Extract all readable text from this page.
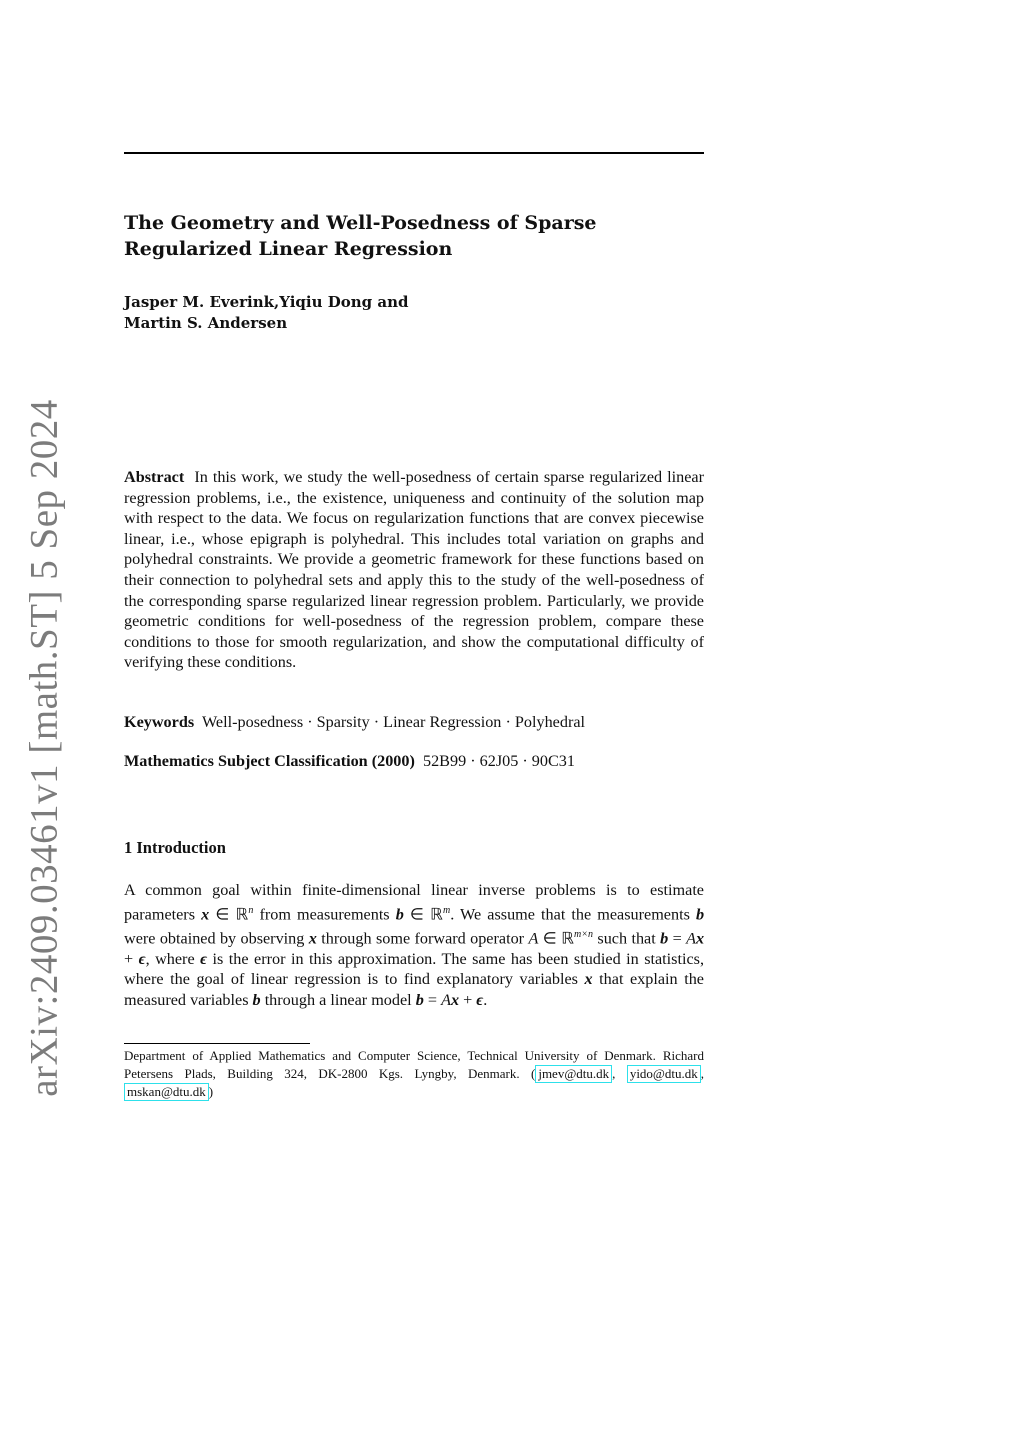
The Geometry and Well-Posedness of Sparse Regularized Linear Regression
Jasper M. Everink,Yiqiu Dong and
Martin S. Andersen
arXiv:2409.03461v1 [math.ST] 5 Sep 2024	Abstract In this work, we study the well-posedness of certain sparse regularized linear regression problems, i.e., the existence, uniqueness and continuity of the solution map with respect to the data. We focus on regularization functions that are convex piecewise linear, i.e., whose epigraph is polyhedral. This includes total variation on graphs and polyhedral constraints. We provide a geometric framework for these functions based on their connection to polyhedral sets and apply this to the study of the well-posedness of the corresponding sparse regularized linear regression problem. Particularly, we provide geometric conditions for well-posedness of the regression problem, compare these conditions to those for smooth regularization, and show the computational difficulty of verifying these conditions.
Keywords Well-posedness · Sparsity · Linear Regression · Polyhedral
Mathematics Subject Classification (2000) 52B99 · 62J05 · 90C31
1 Introduction
A common goal within finite-dimensional linear inverse problems is to estimate parameters x ∈ ℝ$^n$ from measurements b ∈ ℝ$^m$. We assume that the measurements b were obtained by observing x through some forward operator A ∈ ℝ$^{m\times n}$ such that b = Ax + ϵ, where ϵ is the error in this approximation. The same has been studied in statistics, where the goal of linear regression is to find explanatory variables x that explain the measured variables b through a linear model b = Ax + ϵ.
Department of Applied Mathematics and Computer Science, Technical University of Denmark. Richard Petersens Plads, Building 324, DK-2800 Kgs. Lyngby, Denmark. ( jmev@dtu.dk , yido@dtu.dk , mskan@dtu.dk )
